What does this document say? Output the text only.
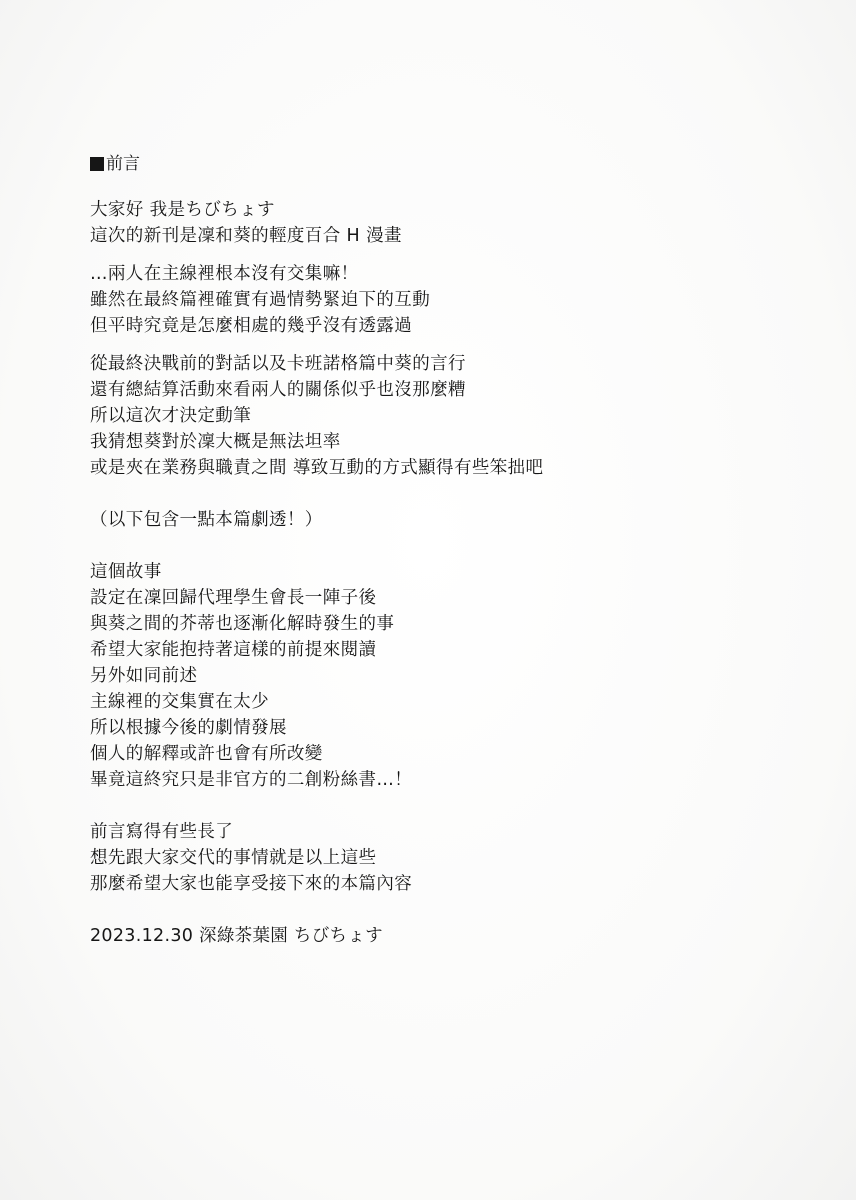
前言
大家好 我是ちびちょす
這次的新刊是凜和葵的輕度百合 H 漫畫
…兩人在主線裡根本沒有交集嘛！
雖然在最終篇裡確實有過情勢緊迫下的互動
但平時究竟是怎麼相處的幾乎沒有透露過
從最終決戰前的對話以及卡班諾格篇中葵的言行
還有總結算活動來看兩人的關係似乎也沒那麼糟
所以這次才決定動筆
我猜想葵對於凜大概是無法坦率
或是夾在業務與職責之間 導致互動的方式顯得有些笨拙吧
（以下包含一點本篇劇透！）
這個故事
設定在凜回歸代理學生會長一陣子後
與葵之間的芥蒂也逐漸化解時發生的事
希望大家能抱持著這樣的前提來閱讀
另外如同前述
主線裡的交集實在太少
所以根據今後的劇情發展
個人的解釋或許也會有所改變
畢竟這終究只是非官方的二創粉絲書…！
前言寫得有些長了
想先跟大家交代的事情就是以上這些
那麼希望大家也能享受接下來的本篇內容
2023.12.30 深綠茶葉園 ちびちょす
